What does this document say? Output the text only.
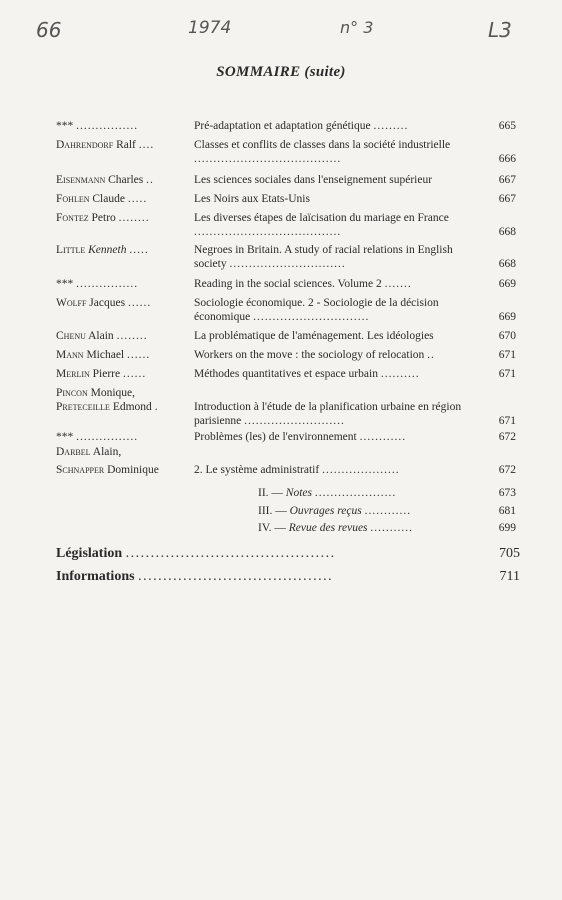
66	1974	n° 3	L3
SOMMAIRE (suite)
*** ................	Pré-adaptation et adaptation génétique .........	665
Dahrendorf Ralf ....	Classes et conflits de classes dans la société industrielle ......................................	666
Eisenmann Charles ..	Les sciences sociales dans l'enseignement supérieur	667
Fohlen Claude .....	Les Noirs aux Etats-Unis	667
Fontez Petro ........	Les diverses étapes de laïcisation du mariage en France ......................................	668
Little Kenneth .....	Negroes in Britain. A study of racial relations in English society ..............................	668
*** ................	Reading in the social sciences. Volume 2 .......	669
Wolff Jacques ......	Sociologie économique. 2 - Sociologie de la décision économique ..............................	669
Chenu Alain ........	La problématique de l'aménagement. Les idéologies	670
Mann Michael ......	Workers on the move : the sociology of relocation ..	671
Merlin Pierre ......	Méthodes quantitatives et espace urbain ..........	671
Pincon Monique,
Preteceille Edmond .	Introduction à l'étude de la planification urbaine en région parisienne ..........................	671
*** ................	Problèmes (les) de l'environnement ............	672
Darbel Alain,
Schnapper Dominique	2. Le système administratif ....................	672
II. — Notes .....................	673
III. — Ouvrages reçus ............	681
IV. — Revue des revues ...........	699
Législation ..........................................	705
Informations .......................................	711
